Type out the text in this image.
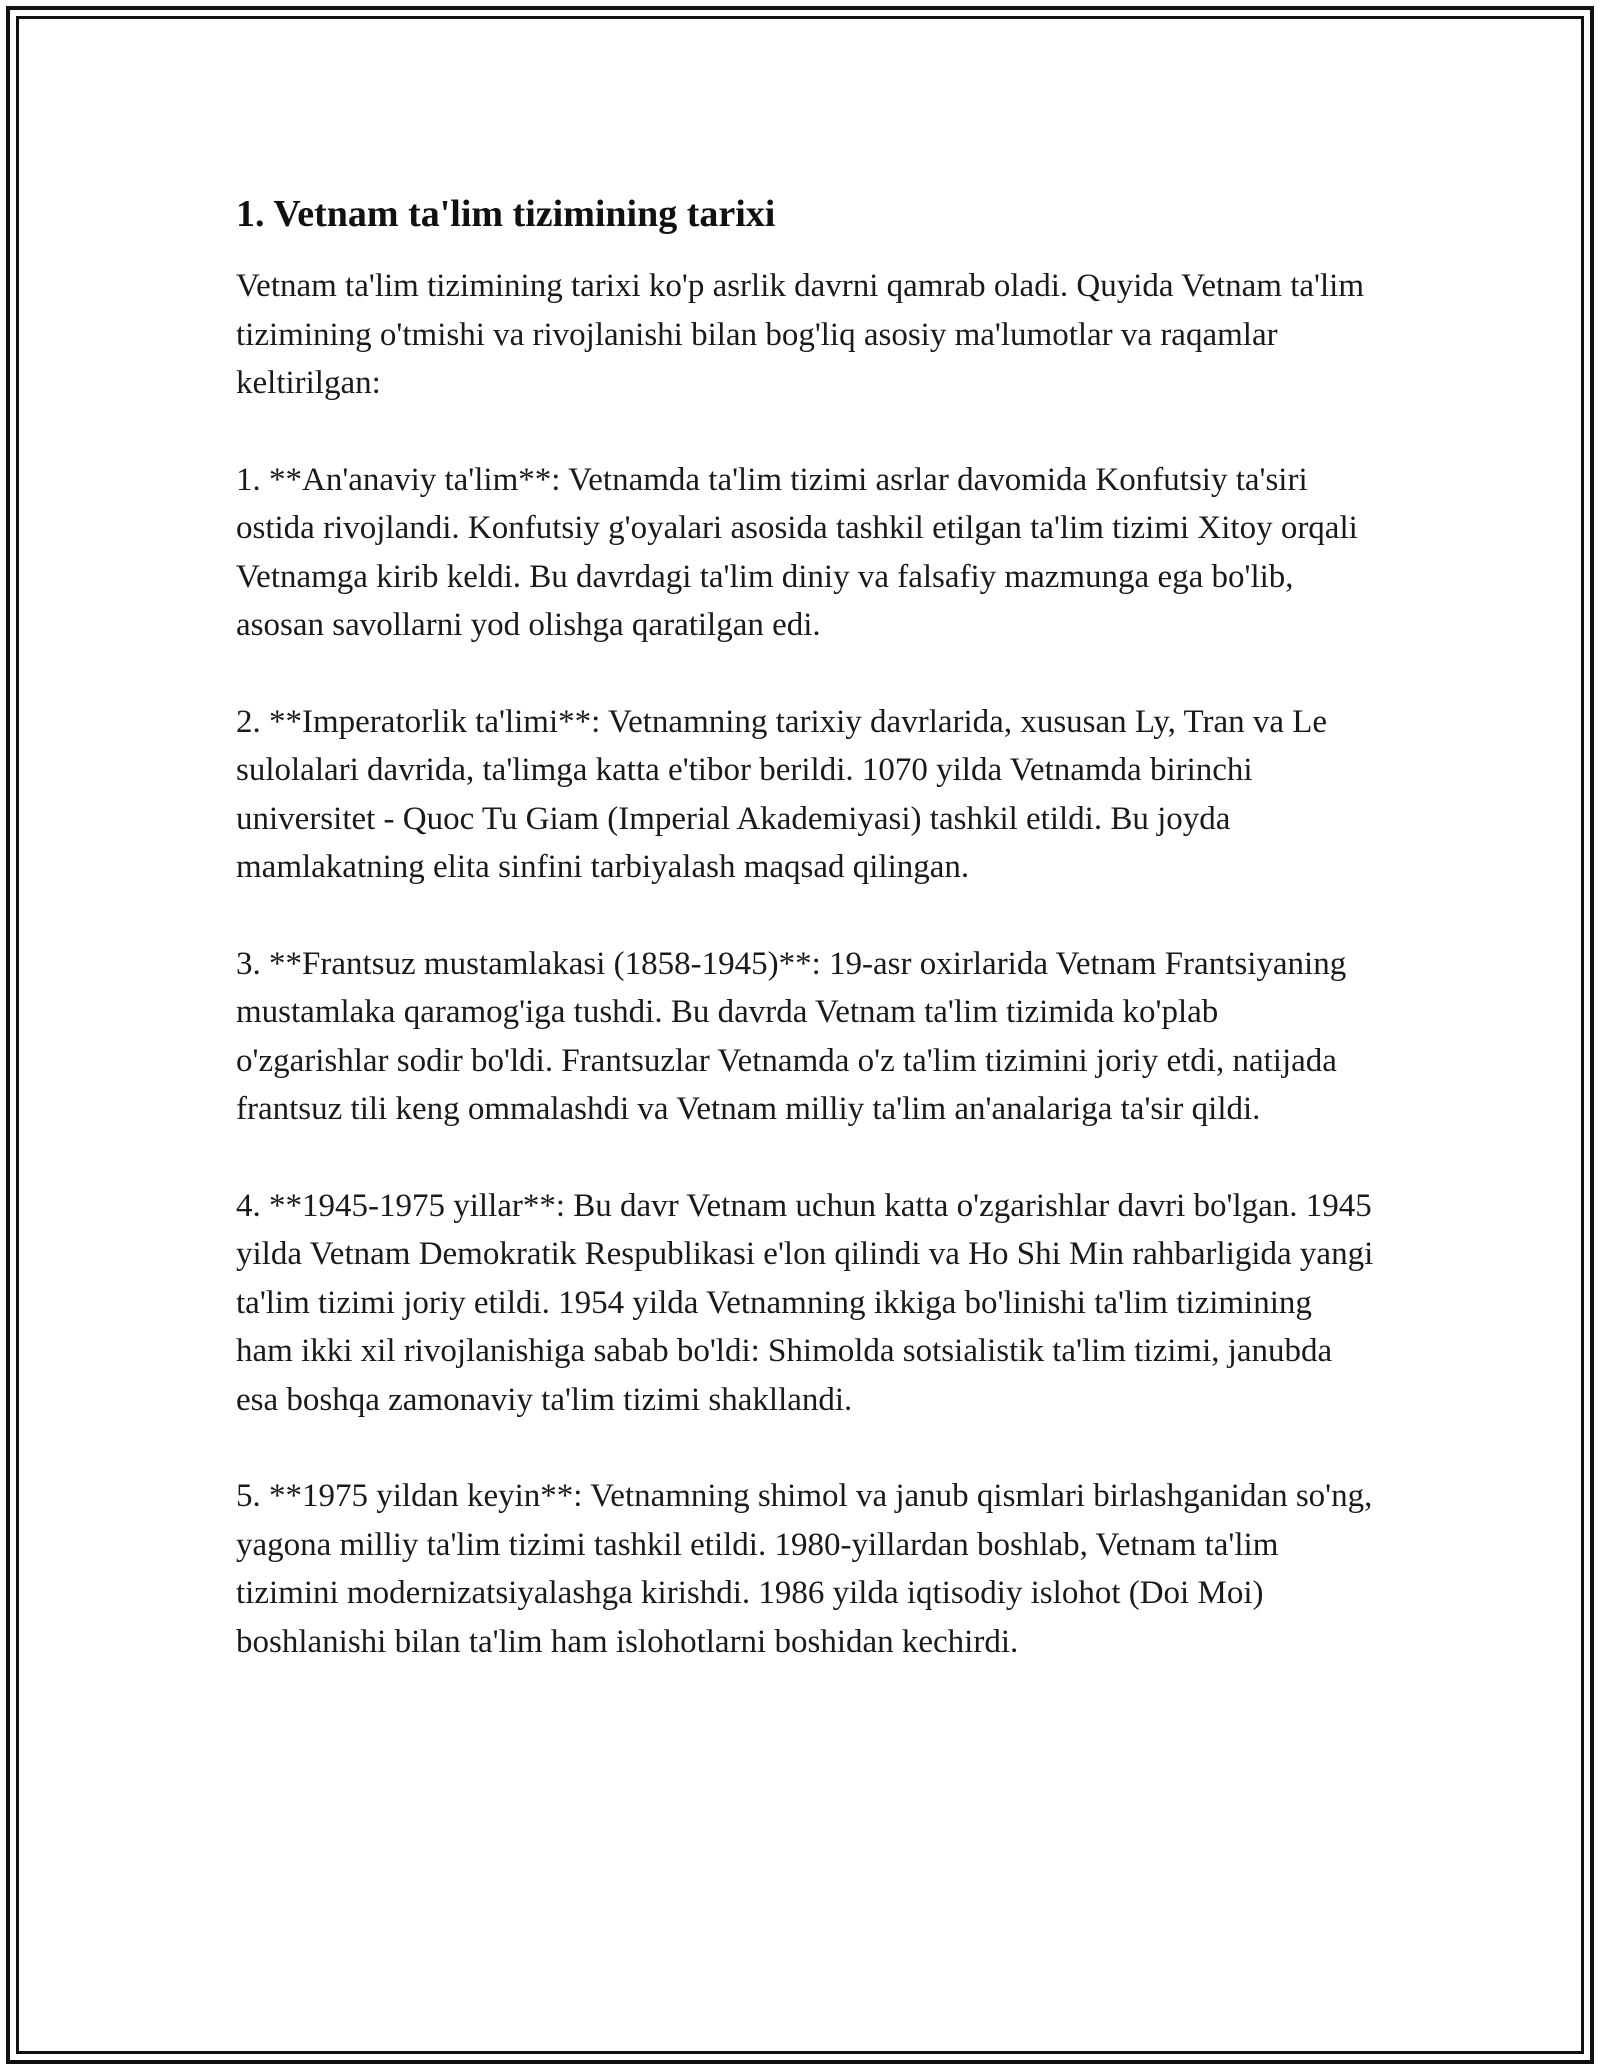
1. Vetnam ta'lim tizimining tarixi

Vetnam ta'lim tizimining tarixi ko'p asrlik davrni qamrab oladi. Quyida Vetnam ta'lim tizimining o'tmishi va rivojlanishi bilan bog'liq asosiy ma'lumotlar va raqamlar keltirilgan:

1. **An'anaviy ta'lim**: Vetnamda ta'lim tizimi asrlar davomida Konfutsiy ta'siri ostida rivojlandi. Konfutsiy g'oyalari asosida tashkil etilgan ta'lim tizimi Xitoy orqali Vetnamga kirib keldi. Bu davrdagi ta'lim diniy va falsafiy mazmunga ega bo'lib, asosan savollarni yod olishga qaratilgan edi.

2. **Imperatorlik ta'limi**: Vetnamning tarixiy davrlarida, xususan Ly, Tran va Le sulolalari davrida, ta'limga katta e'tibor berildi. 1070 yilda Vetnamda birinchi universitet - Quoc Tu Giam (Imperial Akademiyasi) tashkil etildi. Bu joyda mamlakatning elita sinfini tarbiyalash maqsad qilingan.

3. **Frantsuz mustamlakasi (1858-1945)**: 19-asr oxirlarida Vetnam Frantsiyaning mustamlaka qaramog'iga tushdi. Bu davrda Vetnam ta'lim tizimida ko'plab o'zgarishlar sodir bo'ldi. Frantsuzlar Vetnamda o'z ta'lim tizimini joriy etdi, natijada frantsuz tili keng ommalashdi va Vetnam milliy ta'lim an'analariga ta'sir qildi.

4. **1945-1975 yillar**: Bu davr Vetnam uchun katta o'zgarishlar davri bo'lgan. 1945 yilda Vetnam Demokratik Respublikasi e'lon qilindi va Ho Shi Min rahbarligida yangi ta'lim tizimi joriy etildi. 1954 yilda Vetnamning ikkiga bo'linishi ta'lim tizimining ham ikki xil rivojlanishiga sabab bo'ldi: Shimolda sotsialistik ta'lim tizimi, janubda esa boshqa zamonaviy ta'lim tizimi shakllandi.

5. **1975 yildan keyin**: Vetnamning shimol va janub qismlari birlashganidan so'ng, yagona milliy ta'lim tizimi tashkil etildi. 1980-yillardan boshlab, Vetnam ta'lim tizimini modernizatsiyalashga kirishdi. 1986 yilda iqtisodiy islohot (Doi Moi) boshlanishi bilan ta'lim ham islohotlarni boshidan kechirdi.
